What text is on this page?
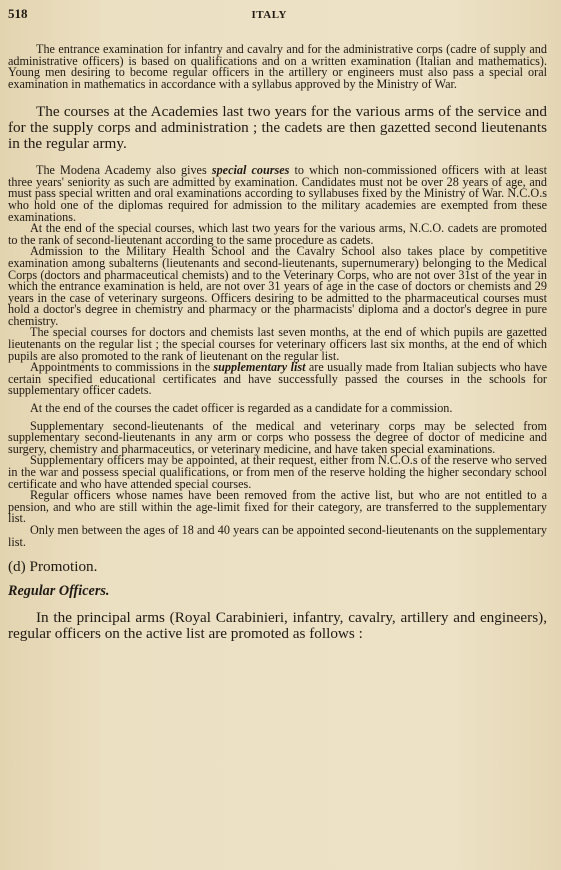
518	ITALY

The entrance examination for infantry and cavalry and for the administrative corps (cadre of supply and administrative officers) is based on qualifications and on a written examination (Italian and mathematics). Young men desiring to become regular officers in the artillery or engineers must also pass a special oral examination in mathematics in accordance with a syllabus approved by the Ministry of War.

The courses at the Academies last two years for the various arms of the service and for the supply corps and administration ; the cadets are then gazetted second lieutenants in the regular army.

The Modena Academy also gives special courses to which non-commissioned officers with at least three years' seniority as such are admitted by examination. Candidates must not be over 28 years of age, and must pass special written and oral examinations according to syllabuses fixed by the Ministry of War. N.C.O.s who hold one of the diplomas required for admission to the military academies are exempted from these examinations.

At the end of the special courses, which last two years for the various arms, N.C.O. cadets are promoted to the rank of second-lieutenant according to the same procedure as cadets.

Admission to the Military Health School and the Cavalry School also takes place by competitive examination among subalterns (lieutenants and second-lieutenants, supernumerary) belonging to the Medical Corps (doctors and pharmaceutical chemists) and to the Veterinary Corps, who are not over 31st of the year in which the entrance examination is held, are not over 31 years of age in the case of doctors or chemists and 29 years in the case of veterinary surgeons. Officers desiring to be admitted to the pharmaceutical courses must hold a doctor's degree in chemistry and pharmacy or the pharmacists' diploma and a doctor's degree in pure chemistry.

The special courses for doctors and chemists last seven months, at the end of which pupils are gazetted lieutenants on the regular list ; the special courses for veterinary officers last six months, at the end of which pupils are also promoted to the rank of lieutenant on the regular list.

Appointments to commissions in the supplementary list are usually made from Italian subjects who have certain specified educational certificates and have successfully passed the courses in the schools for supplementary officer cadets.

At the end of the courses the cadet officer is regarded as a candidate for a commission.

Supplementary second-lieutenants of the medical and veterinary corps may be selected from supplementary second-lieutenants in any arm or corps who possess the degree of doctor of medicine and surgery, chemistry and pharmaceutics, or veterinary medicine, and have taken special examinations.

Supplementary officers may be appointed, at their request, either from N.C.O.s of the reserve who served in the war and possess special qualifications, or from men of the reserve holding the higher secondary school certificate and who have attended special courses.

Regular officers whose names have been removed from the active list, but who are not entitled to a pension, and who are still within the age-limit fixed for their category, are transferred to the supplementary list.

Only men between the ages of 18 and 40 years can be appointed second-lieutenants on the supplementary list.

(d) Promotion.
Regular Officers.

In the principal arms (Royal Carabinieri, infantry, cavalry, artillery and engineers), regular officers on the active list are promoted as follows :
